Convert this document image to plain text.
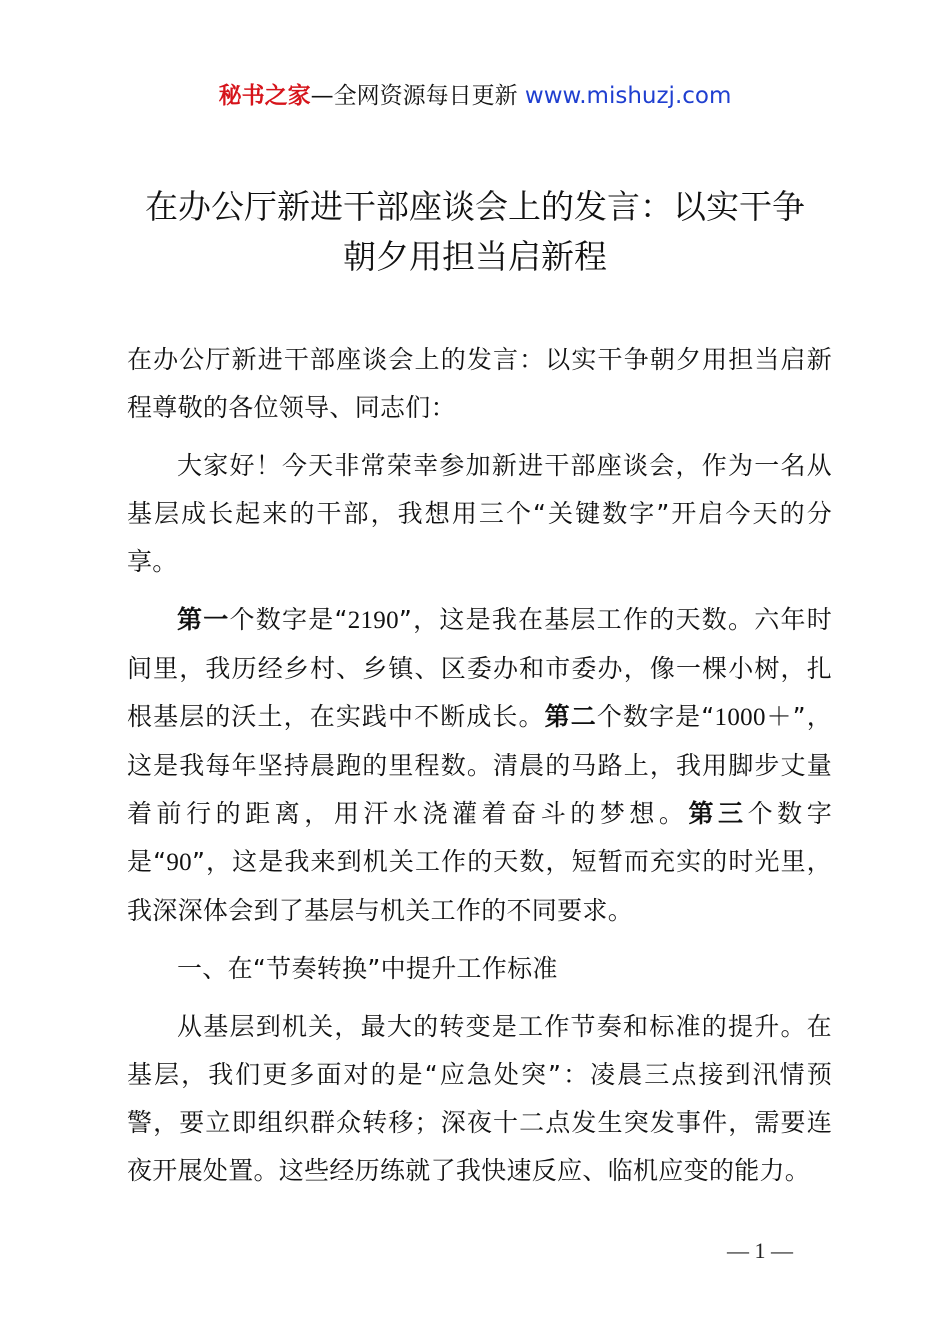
秘书之家—全网资源每日更新 www.mishuzj.com
在办公厅新进干部座谈会上的发言：以实干争
朝夕用担当启新程

在办公厅新进干部座谈会上的发言：以实干争朝夕用担当启新程尊敬的各位领导、同志们：

大家好！今天非常荣幸参加新进干部座谈会，作为一名从基层成长起来的干部，我想用三个“关键数字”开启今天的分享。

第一个数字是“2190”，这是我在基层工作的天数。六年时间里，我历经乡村、乡镇、区委办和市委办，像一棵小树，扎根基层的沃土，在实践中不断成长。第二个数字是“1000＋”，这是我每年坚持晨跑的里程数。清晨的马路上，我用脚步丈量着前行的距离，用汗水浇灌着奋斗的梦想。第三个数字是“90”，这是我来到机关工作的天数，短暂而充实的时光里，我深深体会到了基层与机关工作的不同要求。

一、在“节奏转换”中提升工作标准

从基层到机关，最大的转变是工作节奏和标准的提升。在基层，我们更多面对的是“应急处突”：凌晨三点接到汛情预警，要立即组织群众转移；深夜十二点发生突发事件，需要连夜开展处置。这些经历练就了我快速反应、临机应变的能力。

— 1 —
